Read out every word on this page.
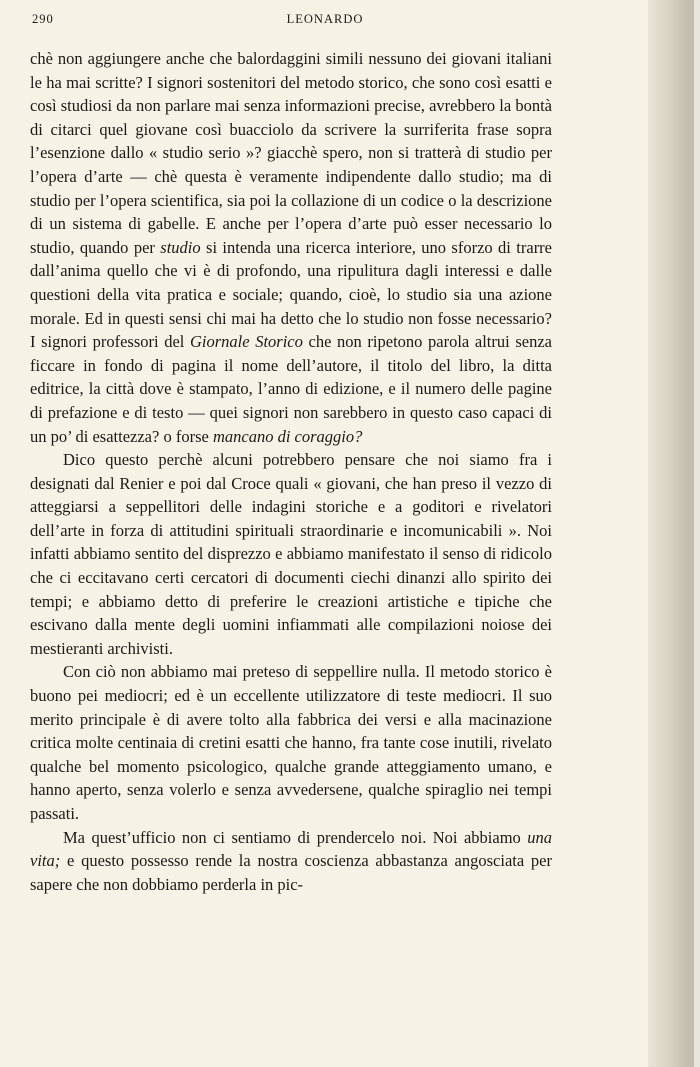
290	LEONARDO

chè non aggiungere anche che balordaggini simili nessuno dei giovani italiani le ha mai scritte? I signori sostenitori del metodo storico, che sono così esatti e così studiosi da non parlare mai senza informazioni precise, avrebbero la bontà di citarci quel giovane così buacciolo da scrivere la surriferita frase sopra l’esenzione dallo « studio serio »? giacchè spero, non si tratterà di studio per l’opera d’arte — chè questa è veramente indipendente dallo studio; ma di studio per l’opera scientifica, sia poi la collazione di un codice o la descrizione di un sistema di gabelle. E anche per l’opera d’arte può esser necessario lo studio, quando per studio si intenda una ricerca interiore, uno sforzo di trarre dall’anima quello che vi è di profondo, una ripulitura dagli interessi e dalle questioni della vita pratica e sociale; quando, cioè, lo studio sia una azione morale. Ed in questi sensi chi mai ha detto che lo studio non fosse necessario? I signori professori del Giornale Storico che non ripetono parola altrui senza ficcare in fondo di pagina il nome dell’autore, il titolo del libro, la ditta editrice, la città dove è stampato, l’anno di edizione, e il numero delle pagine di prefazione e di testo — quei signori non sarebbero in questo caso capaci di un po’ di esattezza? o forse mancano di coraggio?

Dico questo perchè alcuni potrebbero pensare che noi siamo fra i designati dal Renier e poi dal Croce quali « giovani, che han preso il vezzo di atteggiarsi a seppellitori delle indagini storiche e a goditori e rivelatori dell’arte in forza di attitudini spirituali straordinarie e incomunicabili ». Noi infatti abbiamo sentito del disprezzo e abbiamo manifestato il senso di ridicolo che ci eccitavano certi cercatori di documenti ciechi dinanzi allo spirito dei tempi; e abbiamo detto di preferire le creazioni artistiche e tipiche che escivano dalla mente degli uomini infiammati alle compilazioni noiose dei mestieranti archivisti.

Con ciò non abbiamo mai preteso di seppellire nulla. Il metodo storico è buono pei mediocri; ed è un eccellente utilizzatore di teste mediocri. Il suo merito principale è di avere tolto alla fabbrica dei versi e alla macinazione critica molte centinaia di cretini esatti che hanno, fra tante cose inutili, rivelato qualche bel momento psicologico, qualche grande atteggiamento umano, e hanno aperto, senza volerlo e senza avvedersene, qualche spiraglio nei tempi passati.

Ma quest’ufficio non ci sentiamo di prendercelo noi. Noi abbiamo una vita; e questo possesso rende la nostra coscienza abbastanza angosciata per sapere che non dobbiamo perderla in pic-
